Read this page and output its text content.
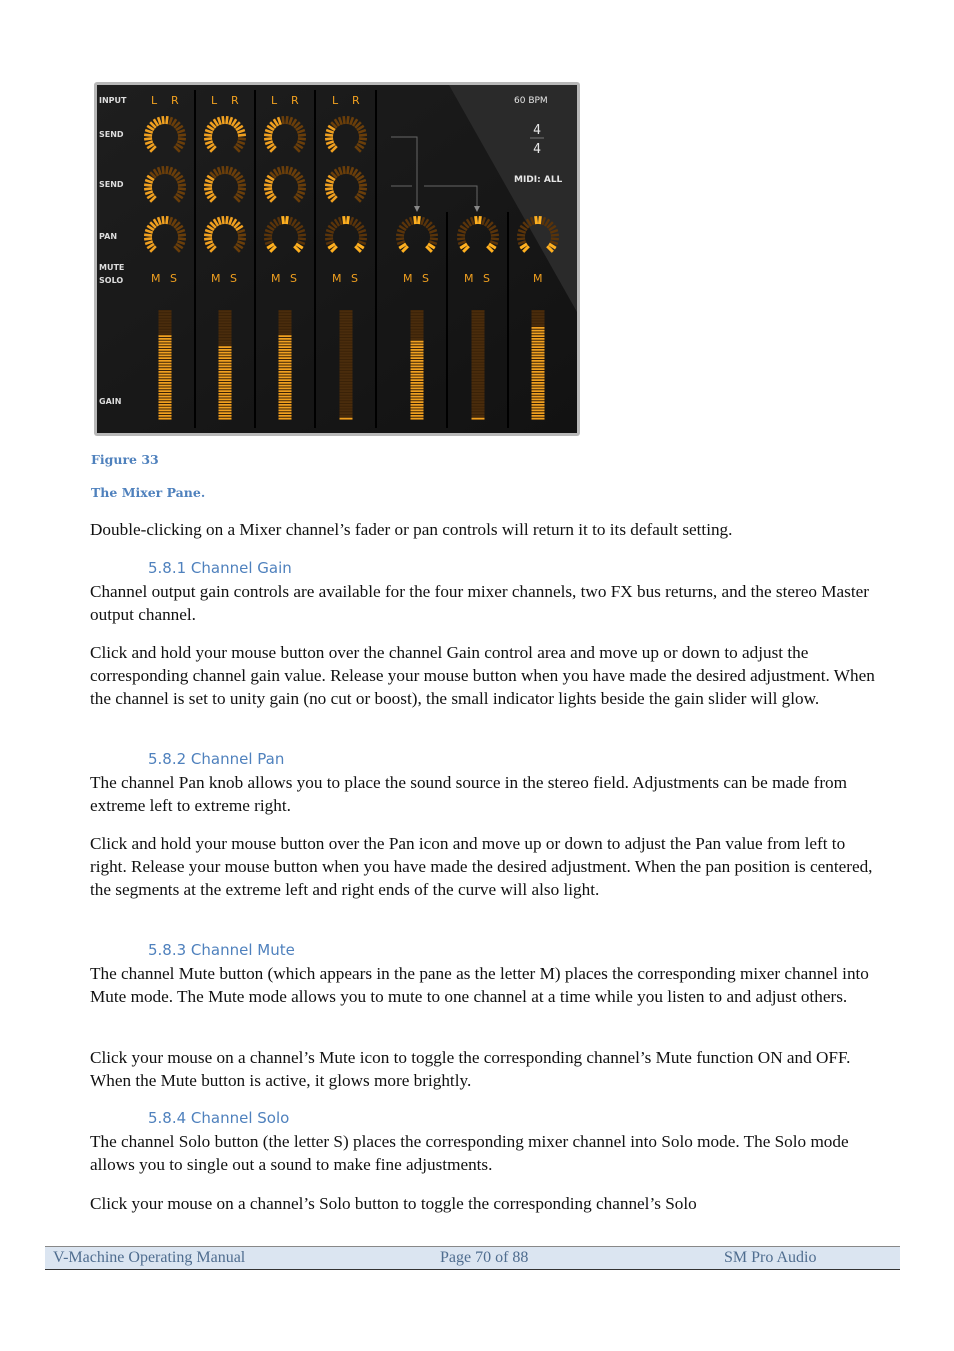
L R
M S
L R
M S
L R
M S
L R
M S	M S	M S	M
INPUT
SEND
SEND
PAN
MUTE
SOLO
GAIN
60 BPM
4
4
MIDI: ALL

Figure 33

The Mixer Pane.

Double-clicking on a Mixer channel’s fader or pan controls will return it to its default setting.

5.8.1 Channel Gain

Channel output gain controls are available for the four mixer channels, two FX bus returns, and the stereo Master output channel.

Click and hold your mouse button over the channel Gain control area and move up or down to adjust the corresponding channel gain value. Release your mouse button when you have made the desired adjustment. When the channel is set to unity gain (no cut or boost), the small indicator lights beside the gain slider will glow.

5.8.2 Channel Pan

The channel Pan knob allows you to place the sound source in the stereo field. Adjustments can be made from extreme left to extreme right.

Click and hold your mouse button over the Pan icon and move up or down to adjust the Pan value from left to right. Release your mouse button when you have made the desired adjustment. When the pan position is centered, the segments at the extreme left and right ends of the curve will also light.

5.8.3 Channel Mute

The channel Mute button (which appears in the pane as the letter M) places the corresponding mixer channel into Mute mode. The Mute mode allows you to mute to one channel at a time while you listen to and adjust others.

Click your mouse on a channel’s Mute icon to toggle the corresponding channel’s Mute function ON and OFF. When the Mute button is active, it glows more brightly.

5.8.4 Channel Solo

The channel Solo button (the letter S) places the corresponding mixer channel into Solo mode. The Solo mode allows you to single out a sound to make fine adjustments.

Click your mouse on a channel’s Solo button to toggle the corresponding channel’s Solo

V-Machine Operating Manual	Page 70 of 88	SM Pro Audio
